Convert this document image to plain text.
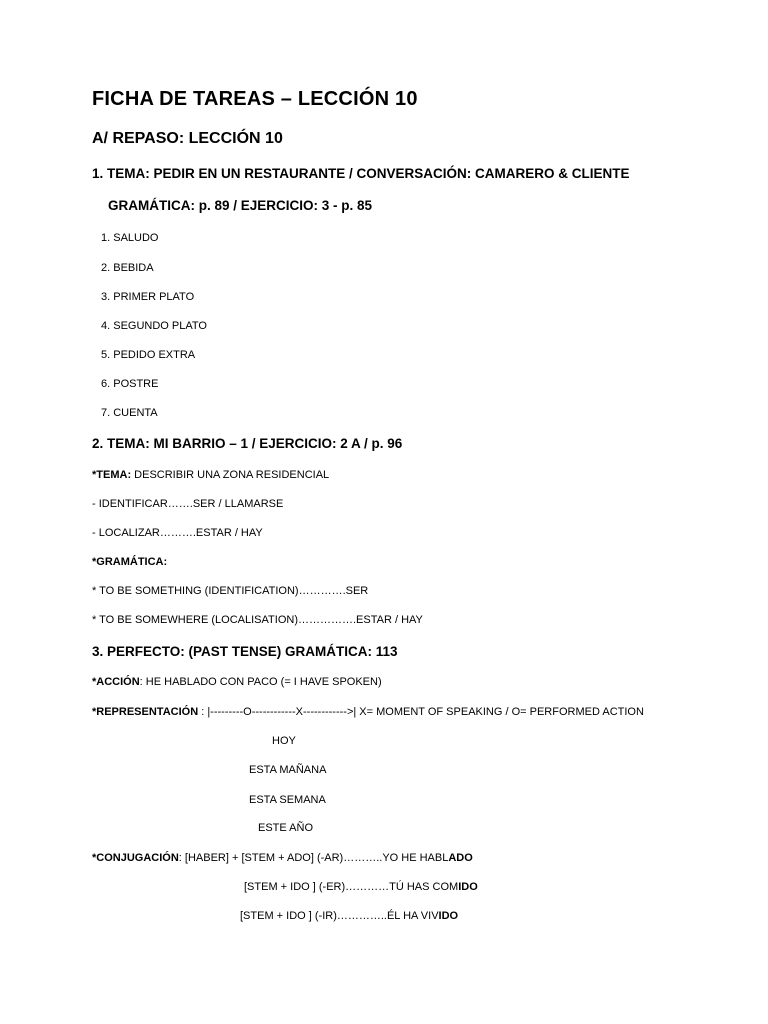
FICHA DE TAREAS – LECCIÓN 10
A/ REPASO: LECCIÓN 10
1. TEMA: PEDIR EN UN RESTAURANTE / CONVERSACIÓN: CAMARERO & CLIENTE
GRAMÁTICA: p. 89 / EJERCICIO: 3 - p. 85
1. SALUDO
2. BEBIDA
3. PRIMER PLATO
4. SEGUNDO PLATO
5. PEDIDO EXTRA
6. POSTRE
7. CUENTA
2. TEMA: MI BARRIO – 1 / EJERCICIO: 2 A / p. 96
*TEMA: DESCRIBIR UNA ZONA RESIDENCIAL
- IDENTIFICAR…….SER / LLAMARSE
- LOCALIZAR……….ESTAR / HAY
*GRAMÁTICA:
* TO BE SOMETHING (IDENTIFICATION)………….SER
* TO BE SOMEWHERE (LOCALISATION)…………….ESTAR / HAY
3. PERFECTO: (PAST TENSE) GRAMÁTICA: 113
*ACCIÓN: HE HABLADO CON PACO (= I HAVE SPOKEN)
*REPRESENTACIÓN : |---------O------------X------------>| X= MOMENT OF SPEAKING / O= PERFORMED ACTION
HOY
ESTA MAÑANA
ESTA SEMANA
ESTE AÑO
*CONJUGACIÓN: [HABER] + [STEM + ADO] (-AR)………..YO HE HABLADO
[STEM + IDO ] (-ER)…………TÚ HAS COMIDO
[STEM + IDO ] (-IR)…………..ÉL HA VIVIDO
